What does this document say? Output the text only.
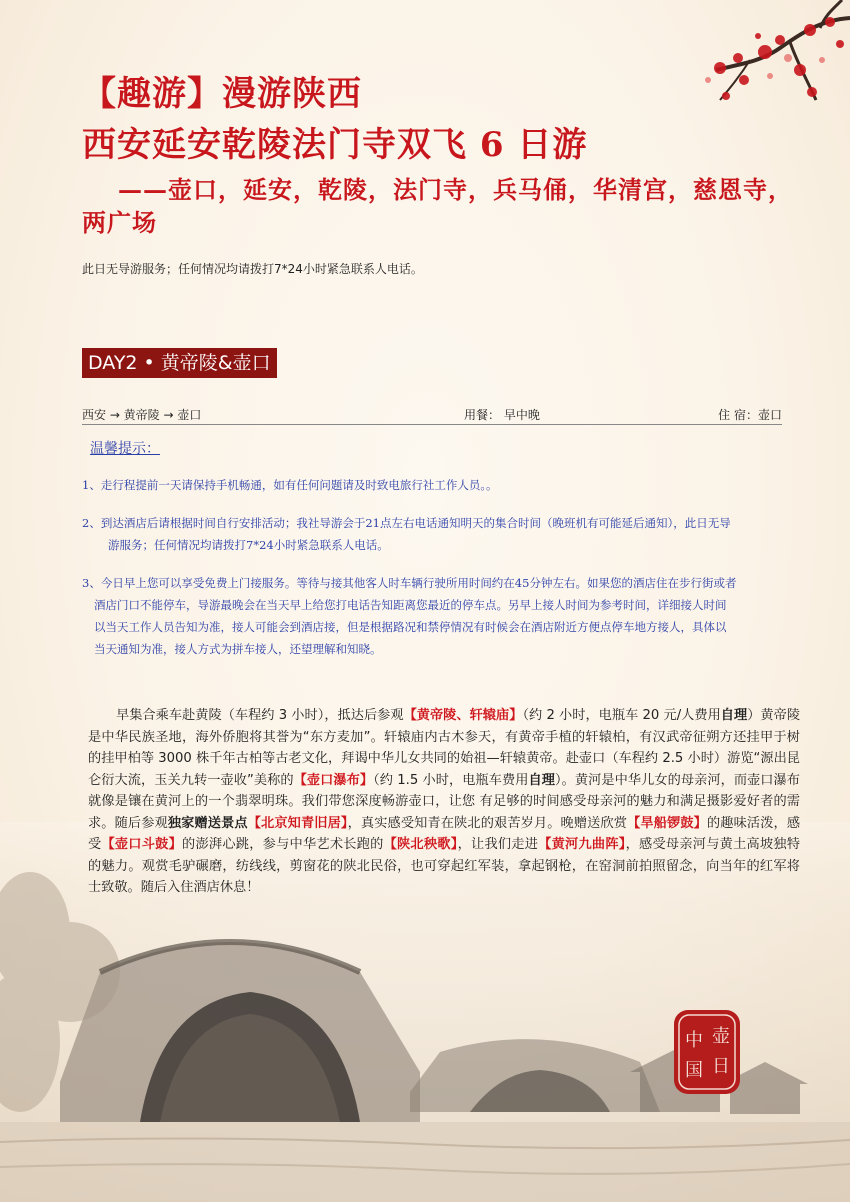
壶
日
中
国
【趣游】漫游陕西
西安延安乾陵法门寺双飞 6 日游
——壶口，延安，乾陵，法门寺，兵马俑，华清宫，慈恩寺，
两广场
此日无导游服务；任何情况均请拨打7*24小时紧急联系人电话。
DAY2 • 黄帝陵&壶口
西安 → 黄帝陵 → 壶口	用餐： 早中晚	住 宿：壶口
温馨提示：
1、走行程提前一天请保持手机畅通，如有任何问题请及时致电旅行社工作人员。。
2、到达酒店后请根据时间自行安排活动；我社导游会于21点左右电话通知明天的集合时间（晚班机有可能延后通知），此日无导
游服务；任何情况均请拨打7*24小时紧急联系人电话。
3、今日早上您可以享受免费上门接服务。等待与接其他客人时车辆行驶所用时间约在45分钟左右。如果您的酒店住在步行街或者
酒店门口不能停车，导游最晚会在当天早上给您打电话告知距离您最近的停车点。另早上接人时间为参考时间，详细接人时间
以当天工作人员告知为准，接人可能会到酒店接，但是根据路况和禁停情况有时候会在酒店附近方便点停车地方接人，具体以
当天通知为准，接人方式为拼车接人，还望理解和知晓。
早集合乘车赴黄陵（车程约 3 小时），抵达后参观【黄帝陵、轩辕庙】（约 2 小时，电瓶车 20 元/人费用自理）黄帝陵是中华民族圣地，海外侨胞将其誉为“东方麦加”。轩辕庙内古木参天，有黄帝手植的轩辕柏，有汉武帝征朔方还挂甲于树的挂甲柏等 3000 株千年古柏等古老文化，拜谒中华儿女共同的始祖—轩辕黄帝。赴壶口（车程约 2.5 小时）游览“源出昆仑衍大流，玉关九转一壶收”美称的【壶口瀑布】（约 1.5 小时，电瓶车费用自理）。黄河是中华儿女的母亲河，而壶口瀑布就像是镶在黄河上的一个翡翠明珠。我们带您深度畅游壶口，让您 有足够的时间感受母亲河的魅力和满足摄影爱好者的需求。随后参观独家赠送景点【北京知青旧居】，真实感受知青在陕北的艰苦岁月。晚赠送欣赏【旱船锣鼓】的趣味活泼，感受【壶口斗鼓】的澎湃心跳，参与中华艺术长跑的【陕北秧歌】，让我们走进【黄河九曲阵】，感受母亲河与黄土高坡独特的魅力。观赏毛驴碾磨，纺线线，剪窗花的陕北民俗，也可穿起红军装，拿起钢枪，在窑洞前拍照留念，向当年的红军将士致敬。随后入住酒店休息！
